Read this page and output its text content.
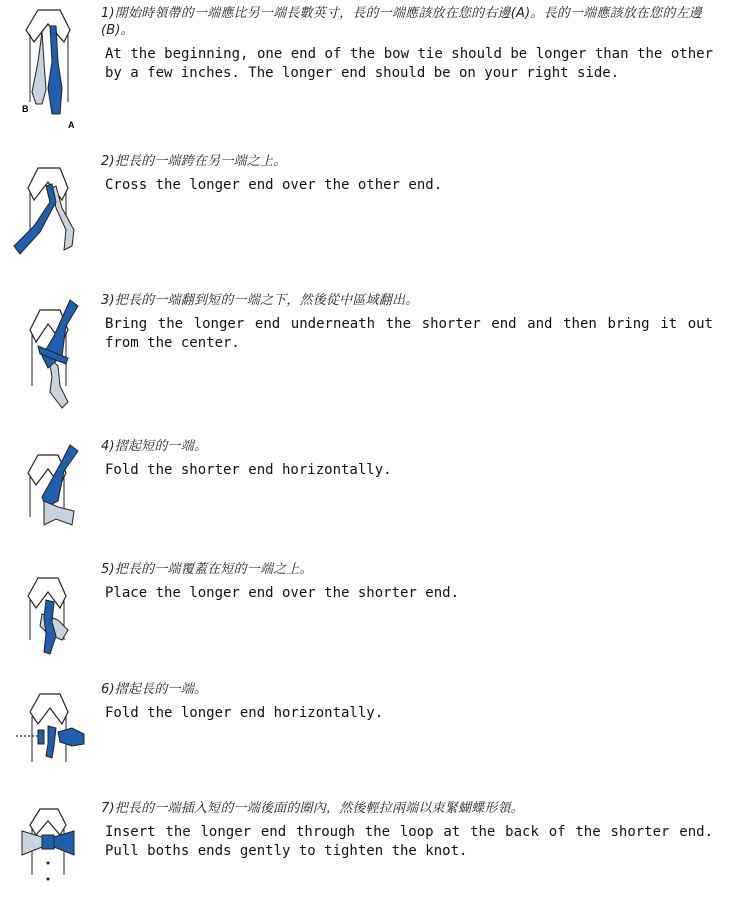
B
A
1)開始時領帶的一端應比另一端長數英寸，長的一端應該放在您的右邊(A)。長的一端應該放在您的左邊(B)。
At the beginning, one end of the bow tie should be longer than the other by a few inches. The longer end should be on your right side.
2)把長的一端跨在另一端之上。
Cross the longer end over the other end.
3)把長的一端翻到短的一端之下，然後從中區域翻出。
Bring the longer end underneath the shorter end and then bring it out from the center.
4)摺起短的一端。
Fold the shorter end horizontally.
5)把長的一端覆蓋在短的一端之上。
Place the longer end over the shorter end.
6)摺起長的一端。
Fold the longer end horizontally.
7)把長的一端插入短的一端後面的圈內，然後輕拉兩端以束緊蝴蝶形領。
Insert the longer end through the loop at the back of the shorter end. Pull boths ends gently to tighten the knot.
